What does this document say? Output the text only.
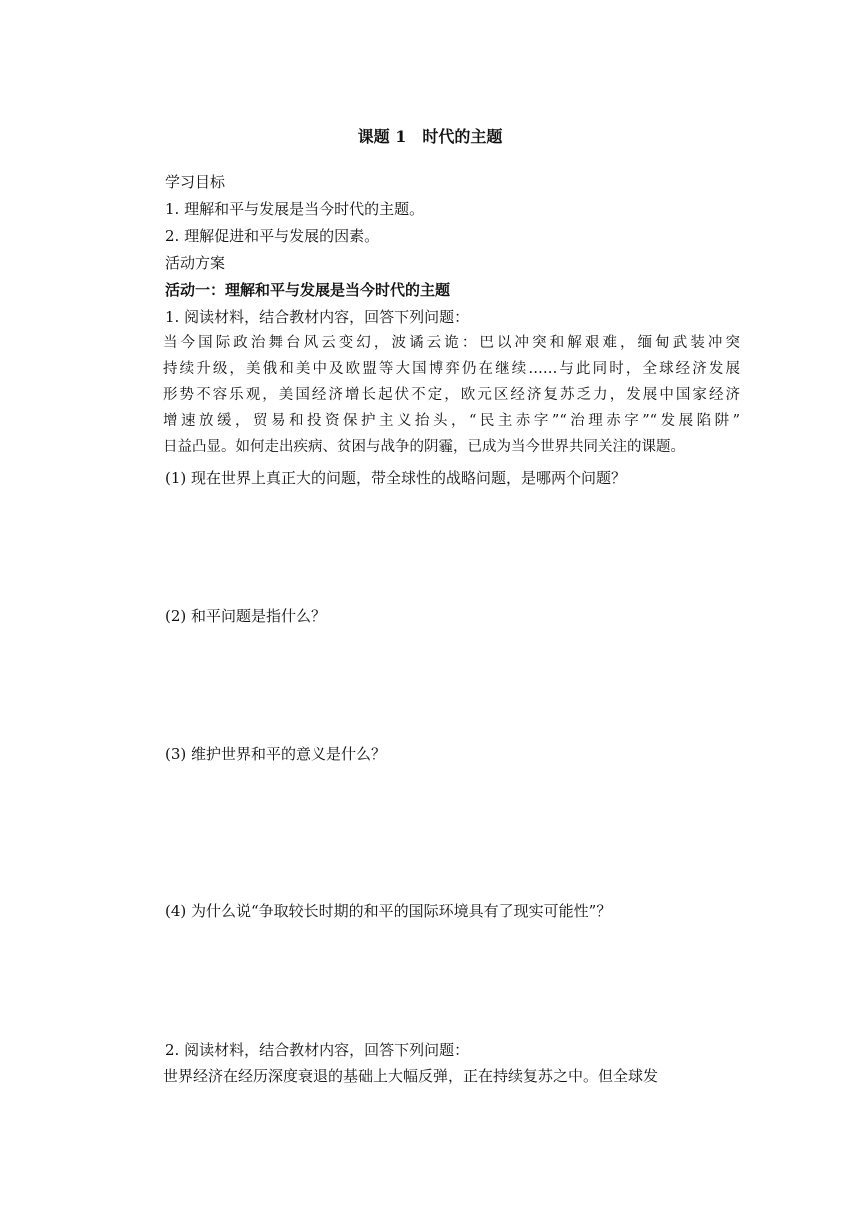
课题 1　时代的主题
学习目标
1. 理解和平与发展是当今时代的主题。
2. 理解促进和平与发展的因素。
活动方案
活动一：理解和平与发展是当今时代的主题
1. 阅读材料，结合教材内容，回答下列问题：

当今国际政治舞台风云变幻，波谲云诡：巴以冲突和解艰难，缅甸武装冲突

持续升级，美俄和美中及欧盟等大国博弈仍在继续……与此同时，全球经济发展

形势不容乐观，美国经济增长起伏不定，欧元区经济复苏乏力，发展中国家经济

增速放缓，贸易和投资保护主义抬头，“民主赤字”“治理赤字”“发展陷阱”

日益凸显。如何走出疾病、贫困与战争的阴霾，已成为当今世界共同关注的课题。

(1) 现在世界上真正大的问题，带全球性的战略问题，是哪两个问题？
(2) 和平问题是指什么？
(3) 维护世界和平的意义是什么？
(4) 为什么说“争取较长时期的和平的国际环境具有了现实可能性”？
2. 阅读材料，结合教材内容，回答下列问题：
世界经济在经历深度衰退的基础上大幅反弹，正在持续复苏之中。但全球发
